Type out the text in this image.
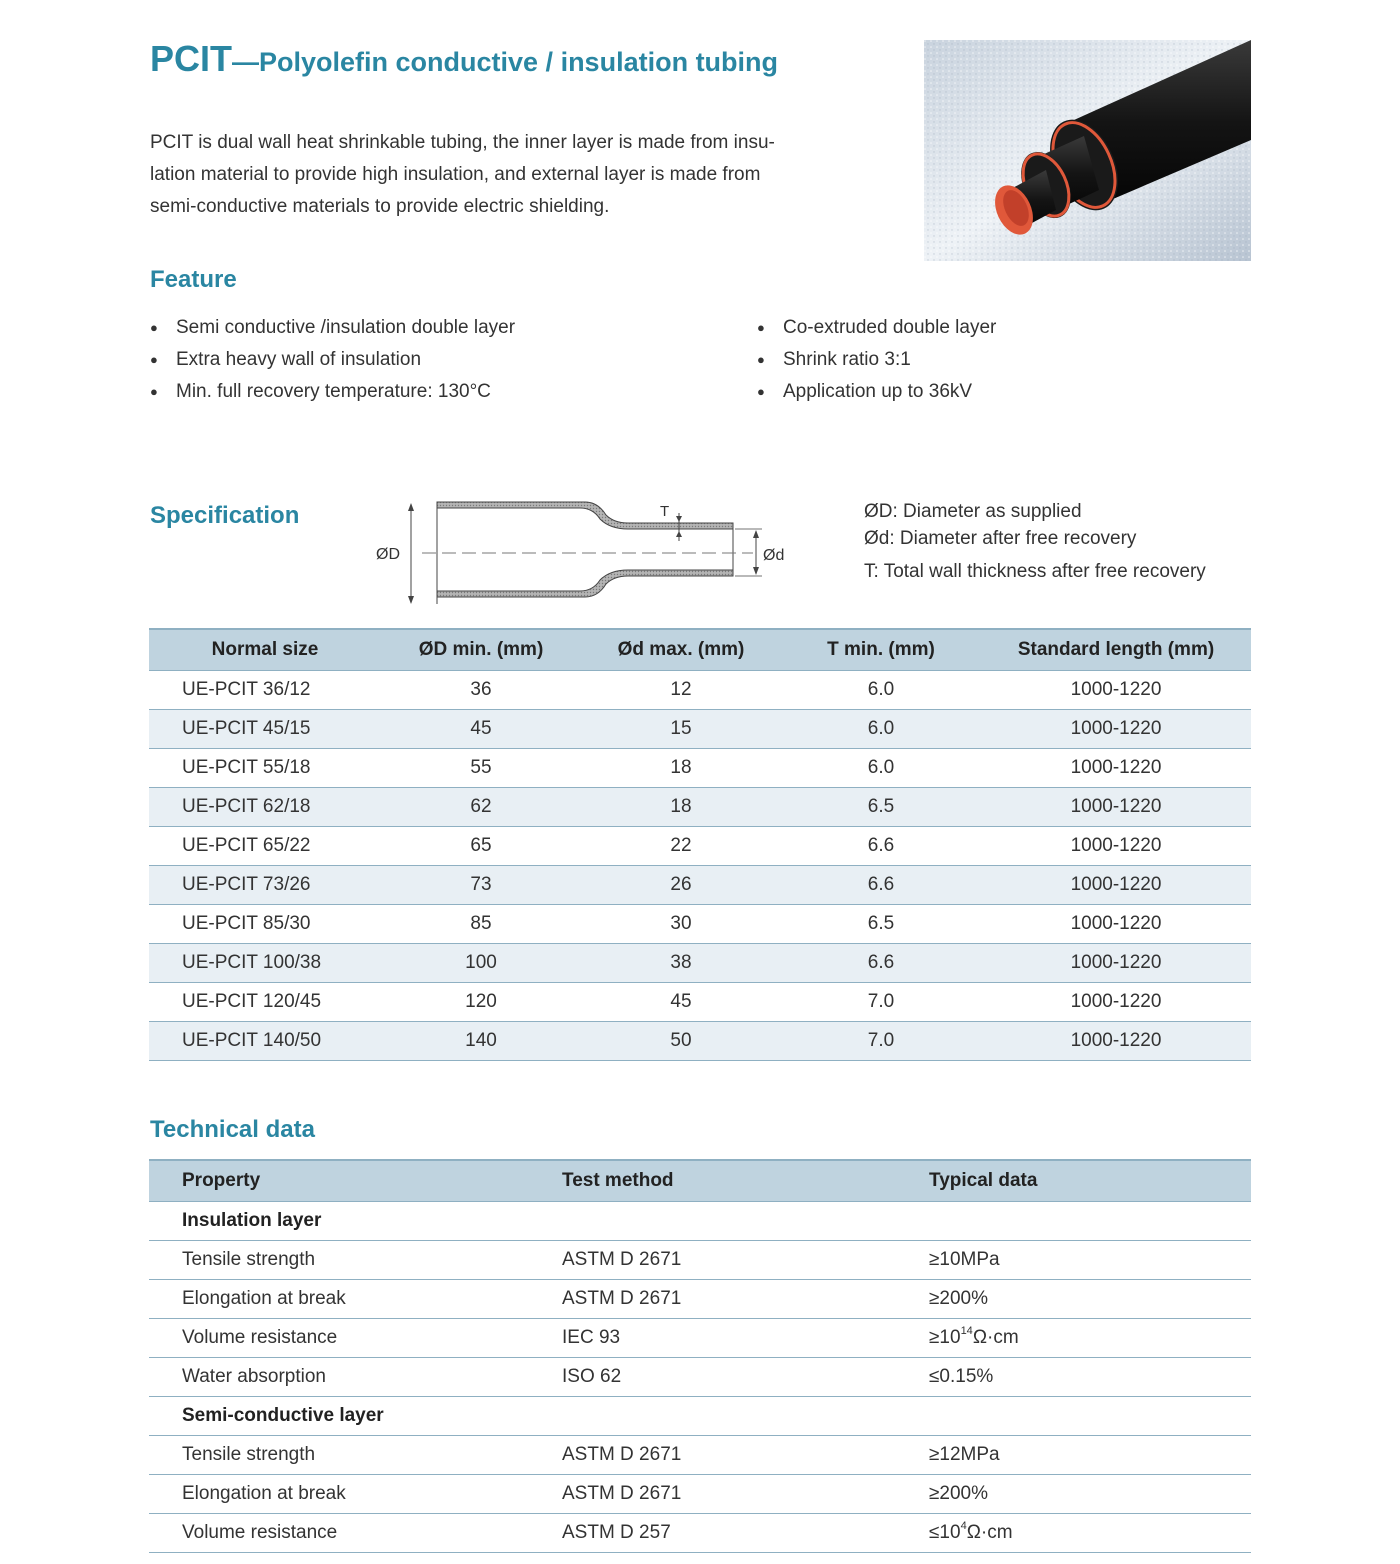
PCIT—Polyolefin conductive / insulation tubing
PCIT is dual wall heat shrinkable tubing, the inner layer is made from insu-
lation material to provide high insulation, and external layer is made from
semi-conductive materials to provide electric shielding.
Feature
● Semi conductive /insulation double layer
● Extra heavy wall of insulation
● Min. full recovery temperature: 130°C
● Co-extruded double layer
● Shrink ratio 3:1
● Application up to 36kV
Specification
ØD	Ød
T	ØD: Diameter as supplied
Ød: Diameter after free recovery
T: Total wall thickness after free recovery
Normal size	ØD min. (mm)	Ød max. (mm)	T min. (mm)	Standard length (mm)
UE-PCIT 36/12	36	12	6.0	1000-1220
UE-PCIT 45/15	45	15	6.0	1000-1220
UE-PCIT 55/18	55	18	6.0	1000-1220
UE-PCIT 62/18	62	18	6.5	1000-1220
UE-PCIT 65/22	65	22	6.6	1000-1220
UE-PCIT 73/26	73	26	6.6	1000-1220
UE-PCIT 85/30	85	30	6.5	1000-1220
UE-PCIT 100/38	100	38	6.6	1000-1220
UE-PCIT 120/45	120	45	7.0	1000-1220
UE-PCIT 140/50	140	50	7.0	1000-1220
Technical data
Property	Test method	Typical data
Insulation layer		
Tensile strength	ASTM D 2671	≥10MPa
Elongation at break	ASTM D 2671	≥200%
Volume resistance	IEC 93	$\ge 10^{14}\Omega\cdot cm$
Water absorption	ISO 62	≤0.15%
Semi-conductive layer		
Tensile strength	ASTM D 2671	≥12MPa
Elongation at break	ASTM D 2671	≥200%
Volume resistance	ASTM D 257	$\le 10^4\Omega\cdot cm$
